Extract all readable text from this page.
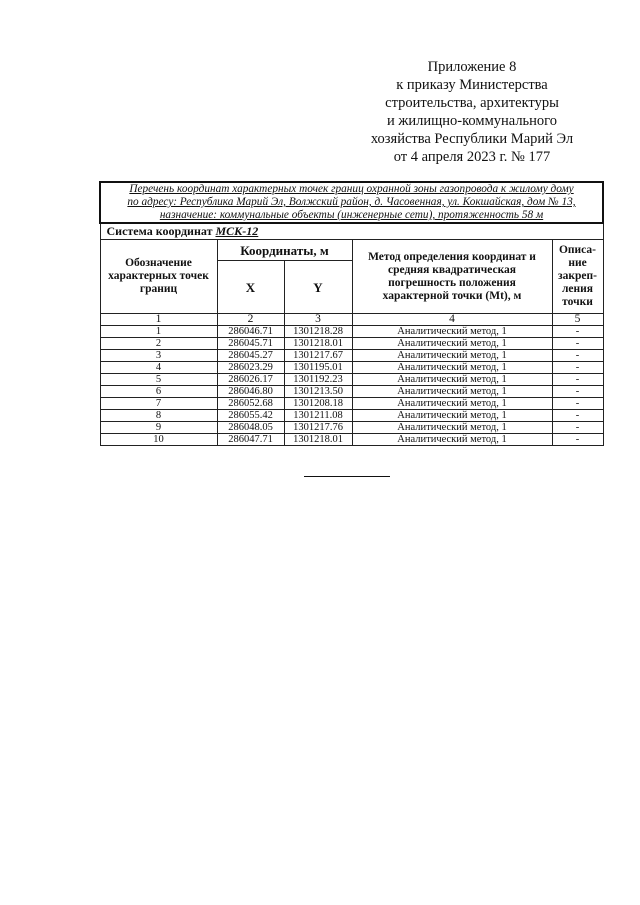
Приложение 8
к приказу Министерства
строительства, архитектуры
и жилищно-коммунального
хозяйства Республики Марий Эл
от 4 апреля 2023 г. № 177
Перечень координат характерных точек границ охранной зоны газопровода к жилому дому
по адресу: Республика Марий Эл, Волжский район, д. Часовенная, ул. Кокшайская, дом № 13,
назначение: коммунальные объекты (инженерные сети), протяженность 58 м				

Система координат МСК-12				
Обозначение характерных точек границ	Координаты, м		Метод определения координат и средняя квадратическая погрешность положения характерной точки (Mt), м	Описа-ние закреп-ления точки
	X	Y		
1	2	3	4	5
1	286046.71	1301218.28	Аналитический метод, 1	-
2	286045.71	1301218.01	Аналитический метод, 1	-
3	286045.27	1301217.67	Аналитический метод, 1	-
4	286023.29	1301195.01	Аналитический метод, 1	-
5	286026.17	1301192.23	Аналитический метод, 1	-
6	286046.80	1301213.50	Аналитический метод, 1	-
7	286052.68	1301208.18	Аналитический метод, 1	-
8	286055.42	1301211.08	Аналитический метод, 1	-
9	286048.05	1301217.76	Аналитический метод, 1	-
10	286047.71	1301218.01	Аналитический метод, 1	-
